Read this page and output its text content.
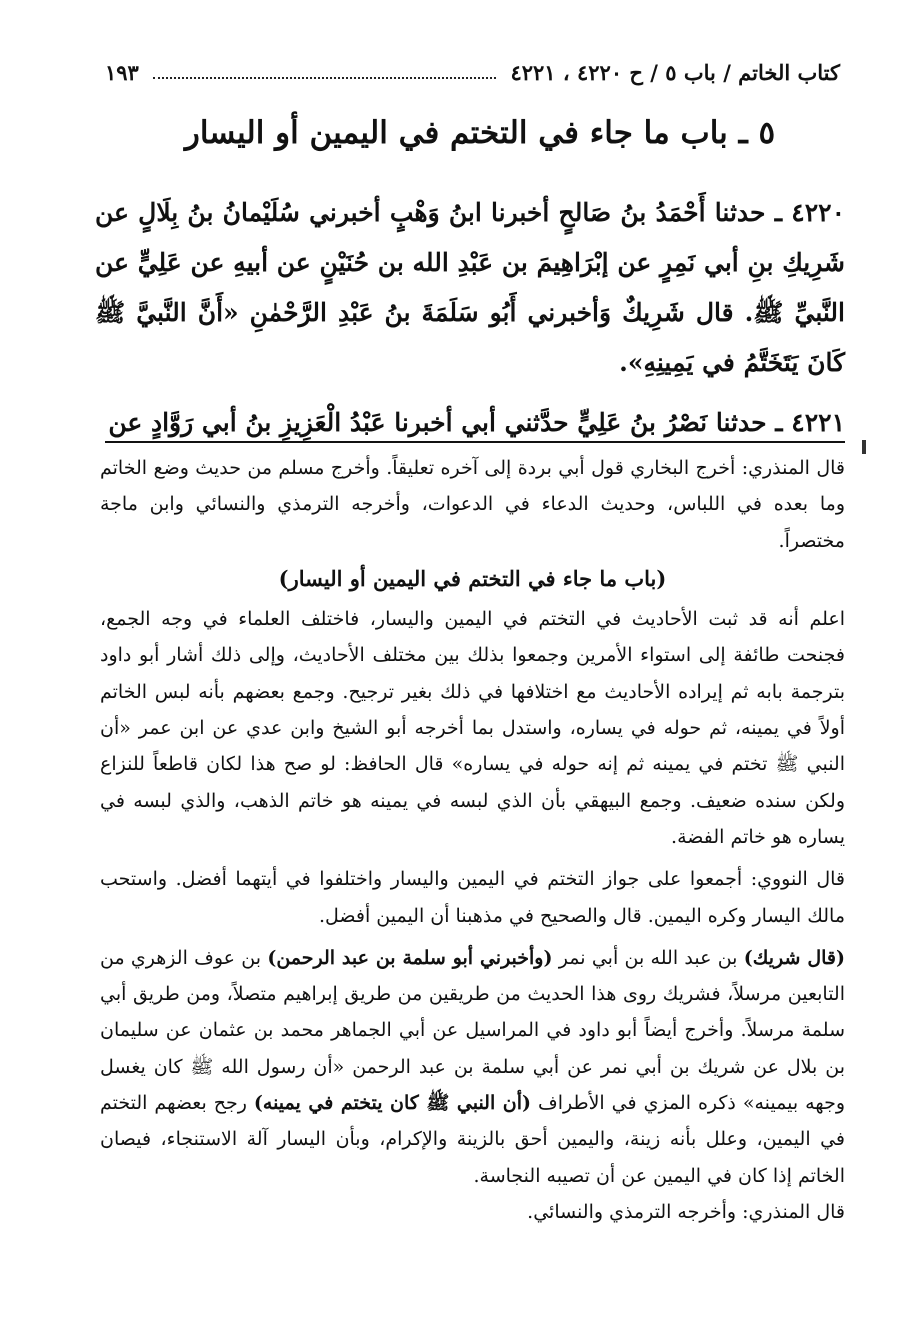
كتاب الخاتم / باب ٥ / ح ٤٢٢٠ ، ٤٢٢١
١٩٣
٥ ـ باب ما جاء في التختم في اليمين أو اليسار

٤٢٢٠ ـ حدثنا أَحْمَدُ بنُ صَالحٍ أخبرنا ابنُ وَهْبٍ أخبرني سُلَيْمانُ بنُ بِلَالٍ عن شَرِيكِ بنِ أبي نَمِرٍ عن إبْرَاهِيمَ بن عَبْدِ الله بن حُنَيْنٍ عن أبيهِ عن عَلِيٍّ عن النَّبيِّ ﷺ. قال شَرِيكٌ وَأخبرني أَبُو سَلَمَةَ بنُ عَبْدِ الرَّحْمٰنِ «أَنَّ النَّبيَّ ﷺ كَانَ يَتَخَتَّمُ في يَمِينِهِ».

٤٢٢١ ـ حدثنا نَصْرُ بنُ عَلِيٍّ حدَّثني أبي أخبرنا عَبْدُ الْعَزِيزِ بنُ أبي رَوَّادٍ عن

قال المنذري: أخرج البخاري قول أبي بردة إلى آخره تعليقاً. وأخرج مسلم من حديث وضع الخاتم وما بعده في اللباس، وحديث الدعاء في الدعوات، وأخرجه الترمذي والنسائي وابن ماجة مختصراً.

(باب ما جاء في التختم في اليمين أو اليسار)

اعلم أنه قد ثبت الأحاديث في التختم في اليمين واليسار، فاختلف العلماء في وجه الجمع، فجنحت طائفة إلى استواء الأمرين وجمعوا بذلك بين مختلف الأحاديث، وإلى ذلك أشار أبو داود بترجمة بابه ثم إيراده الأحاديث مع اختلافها في ذلك بغير ترجيح. وجمع بعضهم بأنه لبس الخاتم أولاً في يمينه، ثم حوله في يساره، واستدل بما أخرجه أبو الشيخ وابن عدي عن ابن عمر «أن النبي ﷺ تختم في يمينه ثم إنه حوله في يساره» قال الحافظ: لو صح هذا لكان قاطعاً للنزاع ولكن سنده ضعيف. وجمع البيهقي بأن الذي لبسه في يمينه هو خاتم الذهب، والذي لبسه في يساره هو خاتم الفضة.

قال النووي: أجمعوا على جواز التختم في اليمين واليسار واختلفوا في أيتهما أفضل. واستحب مالك اليسار وكره اليمين. قال والصحيح في مذهبنا أن اليمين أفضل.

(قال شريك) بن عبد الله بن أبي نمر (وأخبرني أبو سلمة بن عبد الرحمن) بن عوف الزهري من التابعين مرسلاً، فشريك روى هذا الحديث من طريقين من طريق إبراهيم متصلاً، ومن طريق أبي سلمة مرسلاً. وأخرج أيضاً أبو داود في المراسيل عن أبي الجماهر محمد بن عثمان عن سليمان بن بلال عن شريك بن أبي نمر عن أبي سلمة بن عبد الرحمن «أن رسول الله ﷺ كان يغسل وجهه بيمينه» ذكره المزي في الأطراف (أن النبي ﷺ كان يتختم في يمينه) رجح بعضهم التختم في اليمين، وعلل بأنه زينة، واليمين أحق بالزينة والإكرام، وبأن اليسار آلة الاستنجاء، فيصان الخاتم إذا كان في اليمين عن أن تصيبه النجاسة.

قال المنذري: وأخرجه الترمذي والنسائي.
